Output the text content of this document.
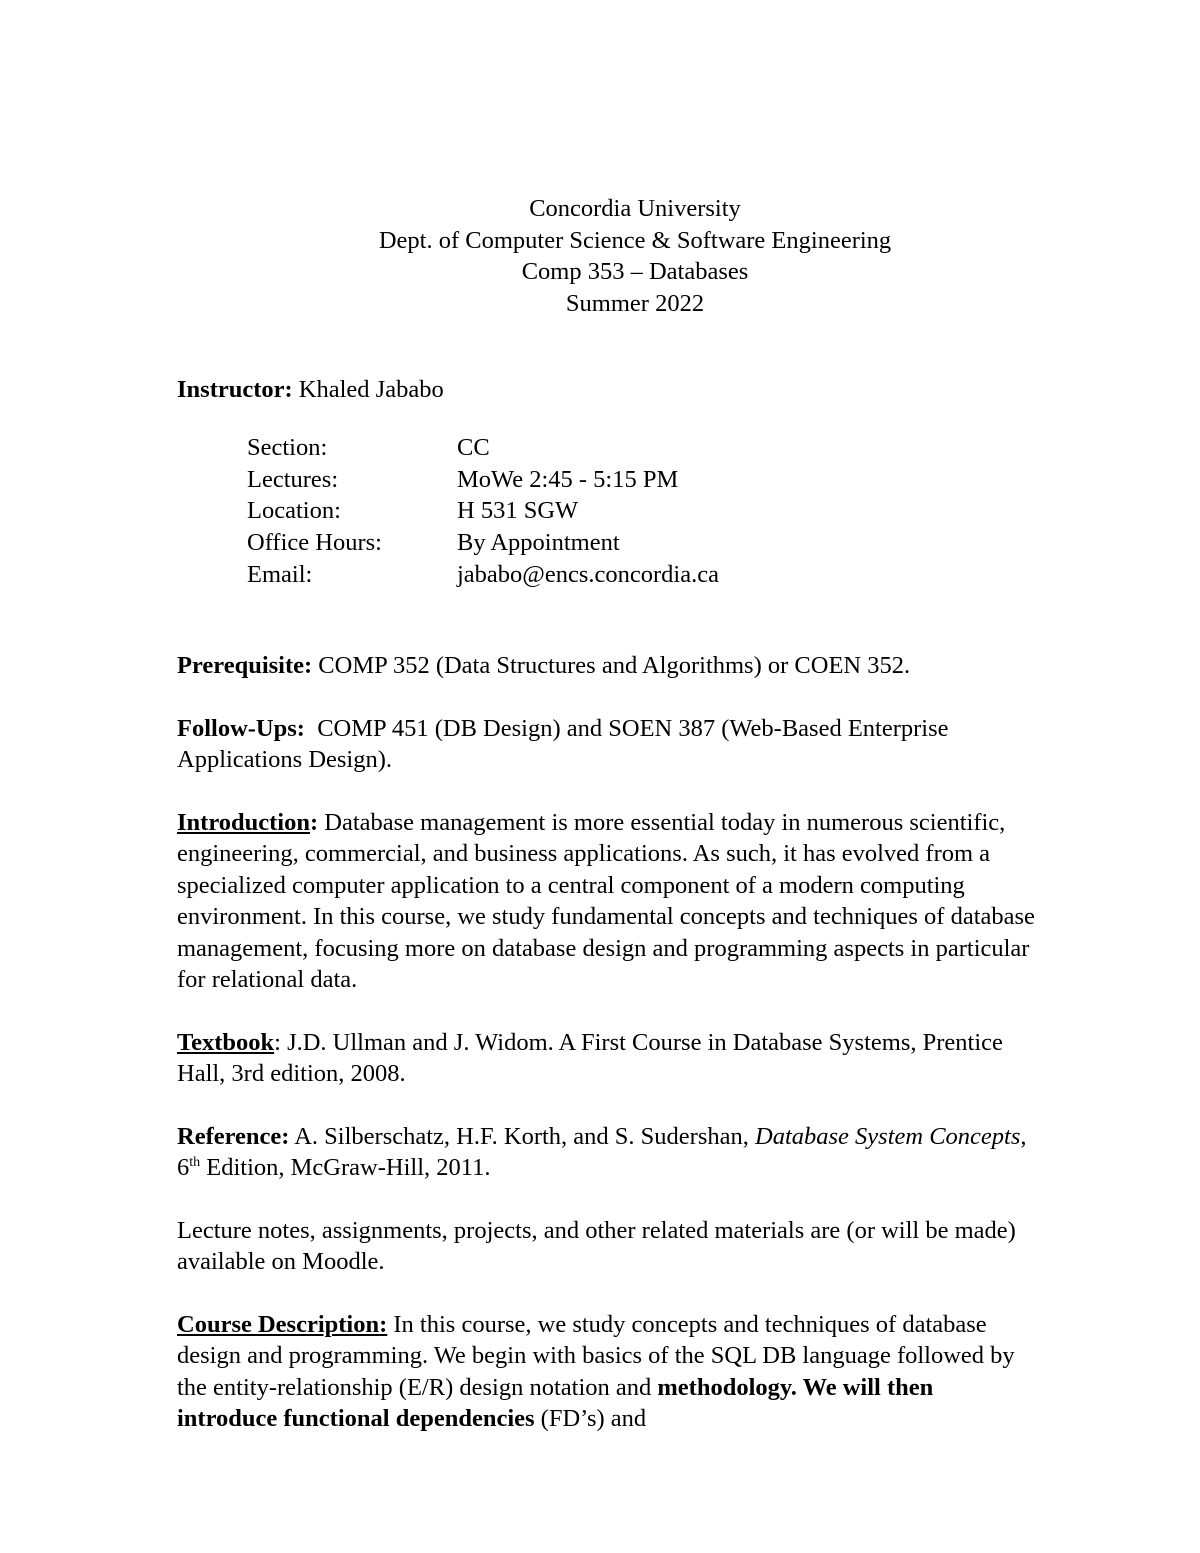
Concordia University
Dept. of Computer Science & Software Engineering
Comp 353 – Databases
Summer 2022
Instructor: Khaled Jababo
Section:	CC
Lectures:	MoWe 2:45 - 5:15 PM
Location:	H 531 SGW
Office Hours:	By Appointment
Email:	jababo@encs.concordia.ca

Prerequisite: COMP 352 (Data Structures and Algorithms) or COEN 352.

Follow-Ups:  COMP 451 (DB Design) and SOEN 387 (Web-Based Enterprise Applications Design).

Introduction: Database management is more essential today in numerous scientific, engineering, commercial, and business applications. As such, it has evolved from a specialized computer application to a central component of a modern computing environment. In this course, we study fundamental concepts and techniques of database management, focusing more on database design and programming aspects in particular for relational data.

Textbook: J.D. Ullman and J. Widom. A First Course in Database Systems, Prentice Hall, 3rd edition, 2008.

Reference: A. Silberschatz, H.F. Korth, and S. Sudershan, Database System Concepts, 6th Edition, McGraw-Hill, 2011.

Lecture notes, assignments, projects, and other related materials are (or will be made) available on Moodle.

Course Description: In this course, we study concepts and techniques of database design and programming. We begin with basics of the SQL DB language followed by the entity-relationship (E/R) design notation and methodology. We will then introduce functional dependencies (FD’s) and
